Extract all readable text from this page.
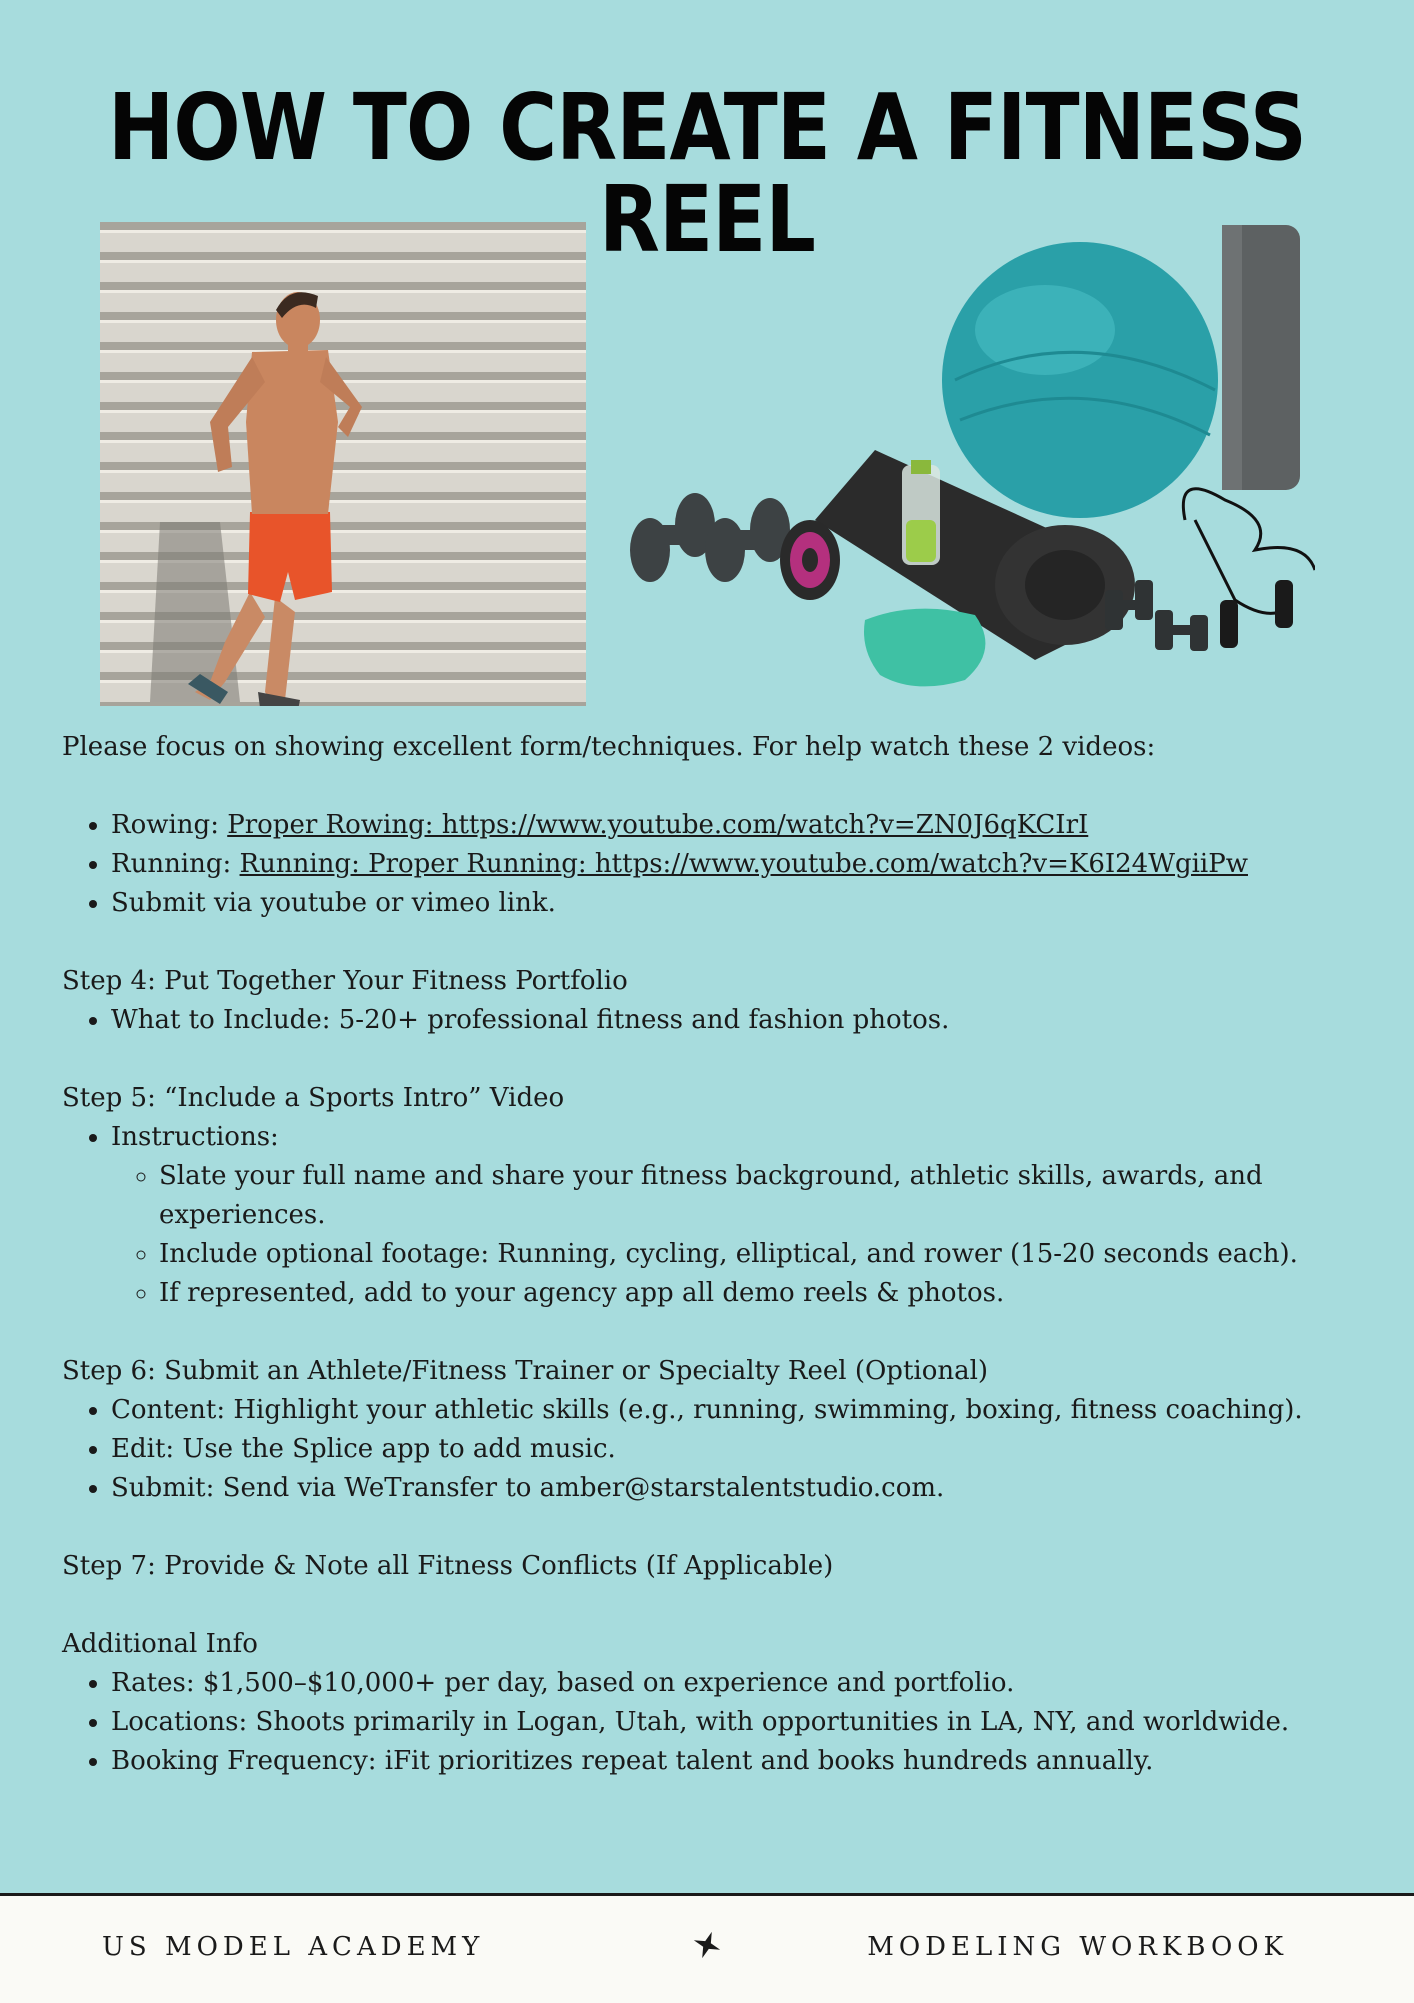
HOW TO CREATE A FITNESS REEL

Please focus on showing excellent form/techniques. For help watch these 2 videos:

• Rowing: Proper Rowing: https://www.youtube.com/watch?v=ZN0J6qKCIrI
• Running: Running: Proper Running: https://www.youtube.com/watch?v=K6I24WgiiPw
• Submit via youtube or vimeo link.

Step 4: Put Together Your Fitness Portfolio

• What to Include: 5-20+ professional fitness and fashion photos.

Step 5: “Include a Sports Intro” Video

• Instructions:
◦ Slate your full name and share your fitness background, athletic skills, awards, and experiences.
◦ Include optional footage: Running, cycling, elliptical, and rower (15-20 seconds each).
◦ If represented, add to your agency app all demo reels & photos.

Step 6: Submit an Athlete/Fitness Trainer or Specialty Reel (Optional)

• Content: Highlight your athletic skills (e.g., running, swimming, boxing, fitness coaching).
• Edit: Use the Splice app to add music.
• Submit: Send via WeTransfer to amber@starstalentstudio.com.

Step 7: Provide & Note all Fitness Conflicts (If Applicable)

Additional Info

• Rates: $1,500–$10,000+ per day, based on experience and portfolio.
• Locations: Shoots primarily in Logan, Utah, with opportunities in LA, NY, and worldwide.
• Booking Frequency: iFit prioritizes repeat talent and books hundreds annually.
US MODEL ACADEMY	MODELING WORKBOOK
